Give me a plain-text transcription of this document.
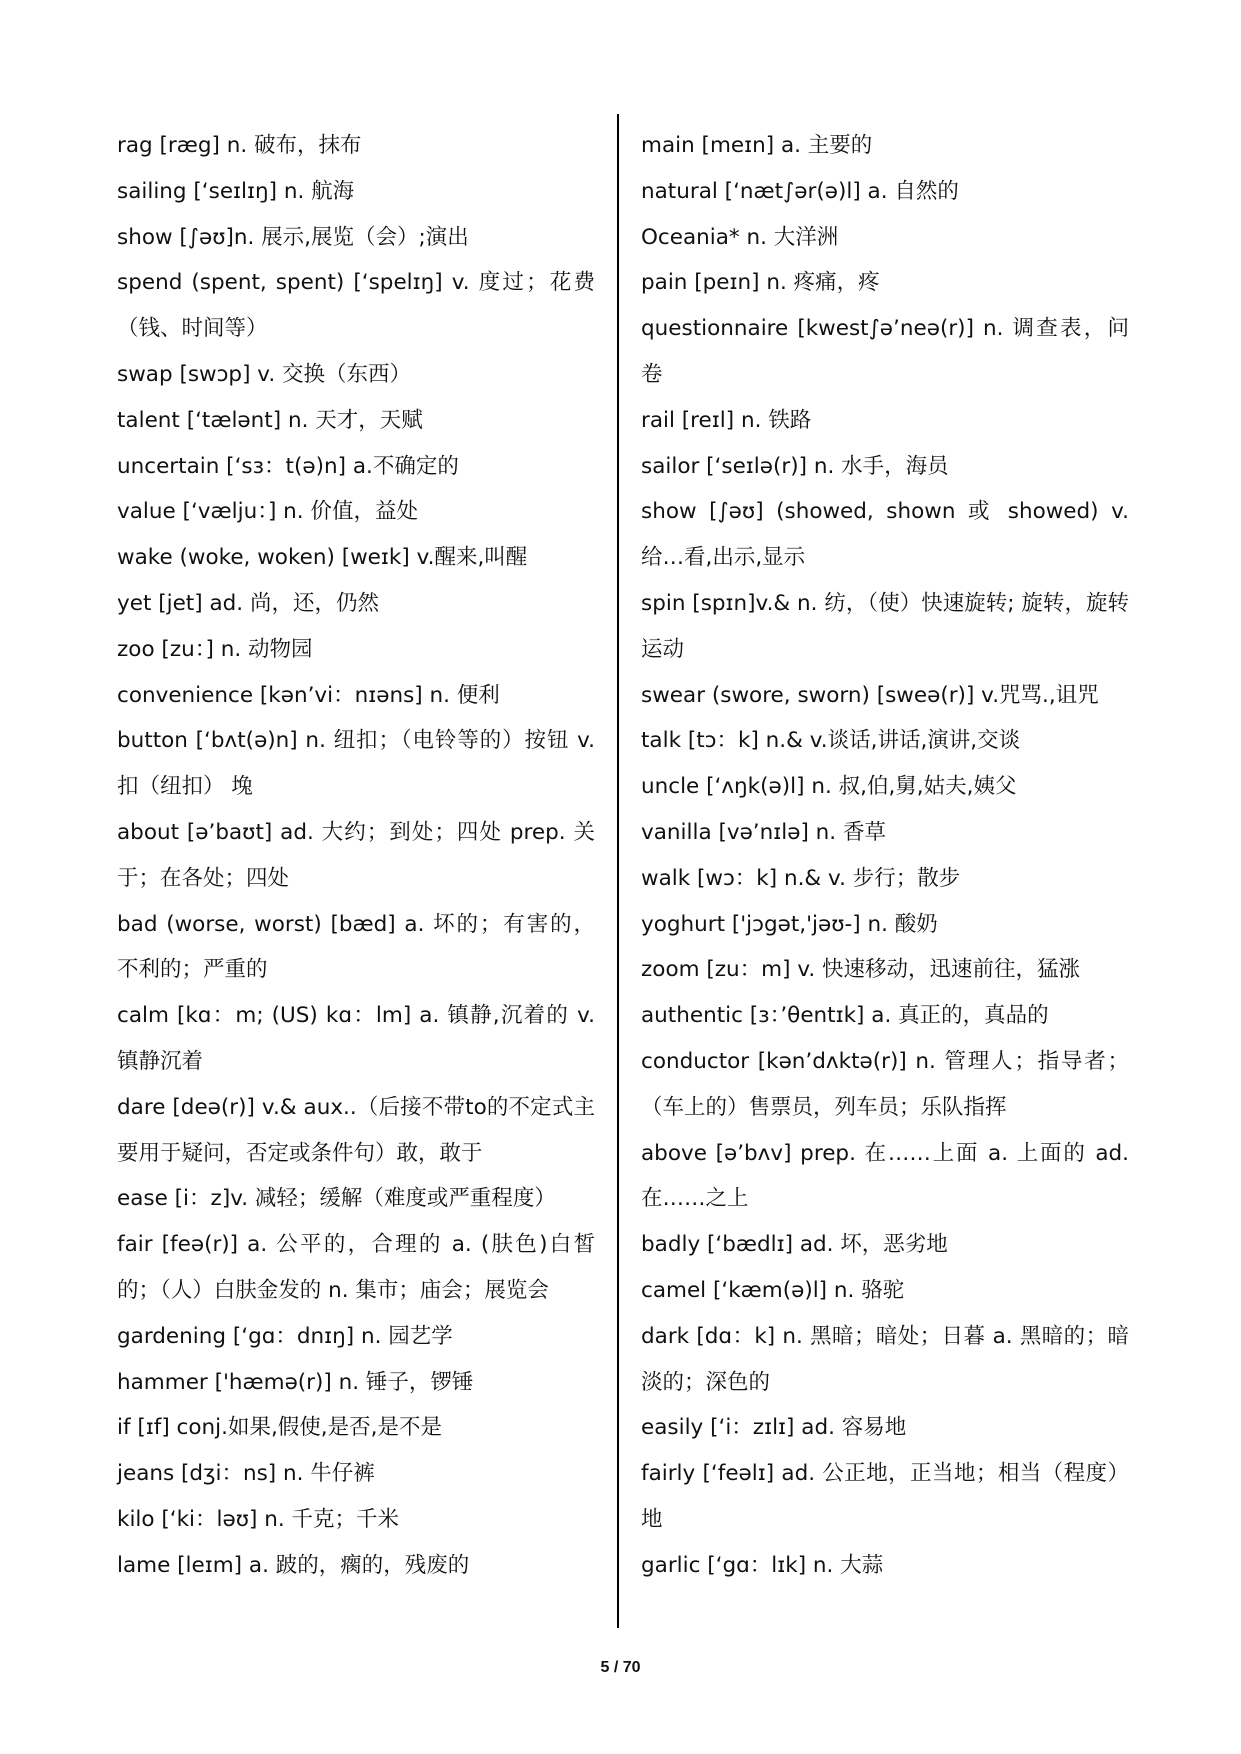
rag [ræg] n. 破布，抹布
sailing [‘seɪlɪŋ] n. 航海
show [∫əʊ]n. 展示,展览（会）;演出
spend (spent, spent) [‘spelɪŋ] v. 度过；花费（钱、时间等）
swap [swɔp] v. 交换（东西）
talent [‘tælənt] n. 天才，天赋
uncertain [‘sɜ：t(ə)n] a.不确定的
value [‘vælju：] n. 价值，益处
wake (woke, woken) [weɪk] v.醒来,叫醒
yet [jet] ad. 尚，还，仍然
zoo [zu：] n. 动物园
convenience [kən’vi：nɪəns] n. 便利
button [‘bʌt(ə)n] n. 纽扣；（电铃等的）按钮 v. 扣（纽扣） 堍
about [ə’baʊt] ad. 大约；到处；四处 prep. 关于；在各处；四处
bad (worse, worst) [bæd] a. 坏的；有害的，不利的；严重的
calm [kɑ：m; (US) kɑ：lm] a. 镇静,沉着的 v. 镇静沉着
dare [deə(r)] v.& aux..（后接不带to的不定式主要用于疑问，否定或条件句）敢，敢于
ease [i：z]v. 减轻；缓解（难度或严重程度）
fair [feə(r)] a. 公平的，合理的 a. (肤色)白皙的；（人）白肤金发的 n. 集市；庙会；展览会
gardening [‘gɑ：dnɪŋ] n. 园艺学
hammer ['hæmə(r)] n. 锤子，锣锤
if [ɪf] conj.如果,假使,是否,是不是
jeans [dʒi：ns] n. 牛仔裤
kilo [‘ki：ləʊ] n. 千克；千米
lame [leɪm] a. 跛的，瘸的，残废的
main [meɪn] a. 主要的
natural [‘næt∫ər(ə)l] a. 自然的
Oceania* n. 大洋洲
pain [peɪn] n. 疼痛，疼
questionnaire [kwest∫ə’neə(r)] n. 调查表，问卷
rail [reɪl] n. 铁路
sailor [‘seɪlə(r)] n. 水手，海员
show [∫əʊ] (showed, shown 或 showed) v. 给…看,出示,显示
spin [spɪn]v.& n. 纺，（使）快速旋转; 旋转，旋转运动
swear (swore, sworn) [sweə(r)] v.咒骂.,诅咒
talk [tɔ：k] n.& v.谈话,讲话,演讲,交谈
uncle [‘ʌŋk(ə)l] n. 叔,伯,舅,姑夫,姨父
vanilla [və’nɪlə] n. 香草
walk [wɔ：k] n.& v. 步行；散步
yoghurt ['jɔgət,'jəʊ-] n. 酸奶
zoom [zu：m] v. 快速移动，迅速前往，猛涨
authentic [ɜ：’θentɪk] a. 真正的，真品的
conductor [kən’dʌktə(r)] n. 管理人；指导者；（车上的）售票员，列车员；乐队指挥
above [ə’bʌv] prep. 在……上面 a. 上面的 ad. 在……之上
badly [‘bædlɪ] ad. 坏，恶劣地
camel [‘kæm(ə)l] n. 骆驼
dark [dɑ：k] n. 黑暗；暗处；日暮 a. 黑暗的；暗淡的；深色的
easily [‘i：zɪlɪ] ad. 容易地
fairly [‘feəlɪ] ad. 公正地，正当地；相当（程度）地
garlic [‘gɑ：lɪk] n. 大蒜
5 / 70
